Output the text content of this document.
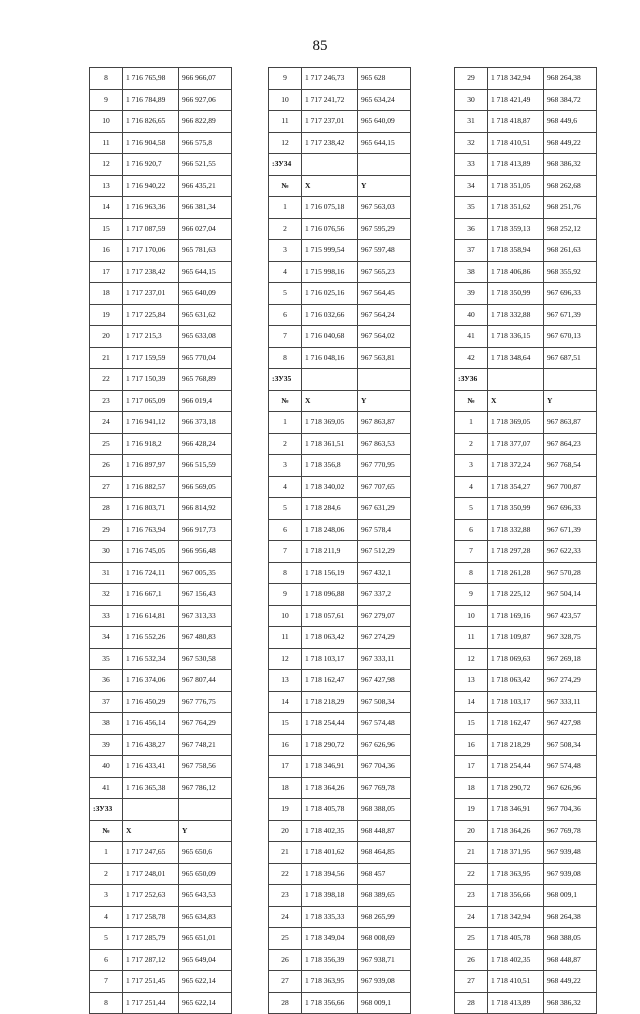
85
8	1 716 765,98	966 966,07
9	1 716 784,89	966 927,06
10	1 716 826,65	966 822,89
11	1 716 904,58	966 575,8
12	1 716 920,7	966 521,55
13	1 716 940,22	966 435,21
14	1 716 963,36	966 381,34
15	1 717 087,59	966 027,04
16	1 717 170,06	965 781,63
17	1 717 238,42	965 644,15
18	1 717 237,01	965 640,09
19	1 717 225,84	965 631,62
20	1 717 215,3	965 633,08
21	1 717 159,59	965 770,04
22	1 717 150,39	965 768,89
23	1 717 065,09	966 019,4
24	1 716 941,12	966 373,18
25	1 716 918,2	966 428,24
26	1 716 897,97	966 515,59
27	1 716 882,57	966 569,05
28	1 716 803,71	966 814,92
29	1 716 763,94	966 917,73
30	1 716 745,05	966 956,48
31	1 716 724,11	967 005,35
32	1 716 667,1	967 156,43
33	1 716 614,81	967 313,33
34	1 716 552,26	967 480,83
35	1 716 532,34	967 530,58
36	1 716 374,06	967 807,44
37	1 716 450,29	967 776,75
38	1 716 456,14	967 764,29
39	1 716 438,27	967 748,21
40	1 716 433,41	967 758,56
41	1 716 365,38	967 786,12
:ЗУ33		
№	X	Y
1	1 717 247,65	965 650,6
2	1 717 248,01	965 650,09
3	1 717 252,63	965 643,53
4	1 717 258,78	965 634,83
5	1 717 285,79	965 651,01
6	1 717 287,12	965 649,04
7	1 717 251,45	965 622,14
8	1 717 251,44	965 622,14
9	1 717 246,73	965 628
10	1 717 241,72	965 634,24
11	1 717 237,01	965 640,09
12	1 717 238,42	965 644,15
:ЗУ34		
№	X	Y
1	1 716 075,18	967 563,03
2	1 716 076,56	967 595,29
3	1 715 999,54	967 597,48
4	1 715 998,16	967 565,23
5	1 716 025,16	967 564,45
6	1 716 032,66	967 564,24
7	1 716 040,68	967 564,02
8	1 716 048,16	967 563,81
:ЗУ35		
№	X	Y
1	1 718 369,05	967 863,87
2	1 718 361,51	967 863,53
3	1 718 356,8	967 770,95
4	1 718 340,02	967 707,65
5	1 718 284,6	967 631,29
6	1 718 248,06	967 578,4
7	1 718 211,9	967 512,29
8	1 718 156,19	967 432,1
9	1 718 096,88	967 337,2
10	1 718 057,61	967 279,07
11	1 718 063,42	967 274,29
12	1 718 103,17	967 333,11
13	1 718 162,47	967 427,98
14	1 718 218,29	967 508,34
15	1 718 254,44	967 574,48
16	1 718 290,72	967 626,96
17	1 718 346,91	967 704,36
18	1 718 364,26	967 769,78
19	1 718 405,78	968 388,05
20	1 718 402,35	968 448,87
21	1 718 401,62	968 464,85
22	1 718 394,56	968 457
23	1 718 398,18	968 389,65
24	1 718 335,33	968 265,99
25	1 718 349,04	968 008,69
26	1 718 356,39	967 938,71
27	1 718 363,95	967 939,08
28	1 718 356,66	968 009,1
29	1 718 342,94	968 264,38
30	1 718 421,49	968 384,72
31	1 718 418,87	968 449,6
32	1 718 410,51	968 449,22
33	1 718 413,89	968 386,32
34	1 718 351,05	968 262,68
35	1 718 351,62	968 251,76
36	1 718 359,13	968 252,12
37	1 718 358,94	968 261,63
38	1 718 406,86	968 355,92
39	1 718 350,99	967 696,33
40	1 718 332,88	967 671,39
41	1 718 336,15	967 670,13
42	1 718 348,64	967 687,51
:ЗУ36		
№	X	Y
1	1 718 369,05	967 863,87
2	1 718 377,07	967 864,23
3	1 718 372,24	967 768,54
4	1 718 354,27	967 700,87
5	1 718 350,99	967 696,33
6	1 718 332,88	967 671,39
7	1 718 297,28	967 622,33
8	1 718 261,28	967 570,28
9	1 718 225,12	967 504,14
10	1 718 169,16	967 423,57
11	1 718 109,87	967 328,75
12	1 718 069,63	967 269,18
13	1 718 063,42	967 274,29
14	1 718 103,17	967 333,11
15	1 718 162,47	967 427,98
16	1 718 218,29	967 508,34
17	1 718 254,44	967 574,48
18	1 718 290,72	967 626,96
19	1 718 346,91	967 704,36
20	1 718 364,26	967 769,78
21	1 718 371,95	967 939,48
22	1 718 363,95	967 939,08
23	1 718 356,66	968 009,1
24	1 718 342,94	968 264,38
25	1 718 405,78	968 388,05
26	1 718 402,35	968 448,87
27	1 718 410,51	968 449,22
28	1 718 413,89	968 386,32
